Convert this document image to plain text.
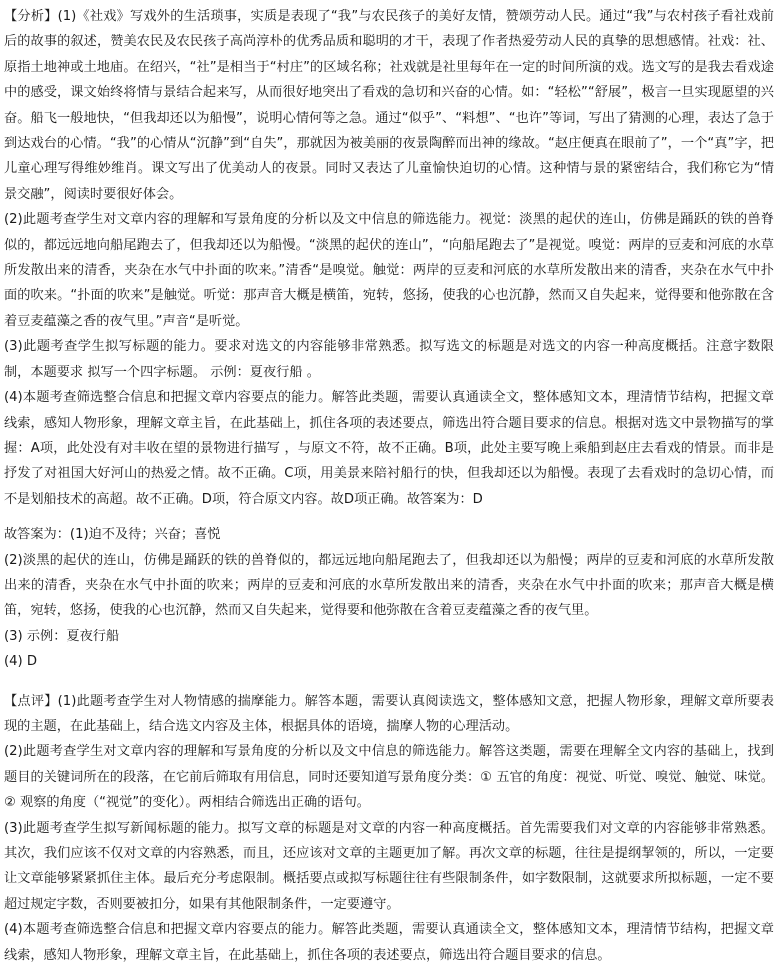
【分析】(1)《社戏》写戏外的生活琐事，实质是表现了“我”与农民孩子的美好友情，赞颂劳动人民。通过“我”与农村孩子看社戏前后的故事的叙述，赞美农民及农民孩子高尚淳朴的优秀品质和聪明的才干，表现了作者热爱劳动人民的真挚的思想感情。社戏：社、原指土地神或土地庙。在绍兴，“社”是相当于“村庄”的区域名称；社戏就是社里每年在一定的时间所演的戏。选文写的是我去看戏途中的感受，课文始终将情与景结合起来写，从而很好地突出了看戏的急切和兴奋的心情。如：“轻松”“舒展”，极言一旦实现愿望的兴奋。船飞一般地快，“但我却还以为船慢”，说明心情何等之急。通过“似乎”、“料想”、“也许”等词，写出了猜测的心理，表达了急于到达戏台的心情。“我”的心情从“沉静”到“自失”，那就因为被美丽的夜景陶醉而出神的缘故。“赵庄便真在眼前了”，一个“真”字，把儿童心理写得维妙维肖。课文写出了优美动人的夜景。同时又表达了儿童愉快迫切的心情。这种情与景的紧密结合，我们称它为“情景交融”，阅读时要很好体会。

(2)此题考查学生对文章内容的理解和写景角度的分析以及文中信息的筛选能力。视觉：淡黑的起伏的连山，仿佛是踊跃的铁的兽脊似的，都远远地向船尾跑去了，但我却还以为船慢。“淡黑的起伏的连山”，“向船尾跑去了”是视觉。嗅觉：两岸的豆麦和河底的水草所发散出来的清香，夹杂在水气中扑面的吹来。”清香“是嗅觉。触觉：两岸的豆麦和河底的水草所发散出来的清香，夹杂在水气中扑面的吹来。“扑面的吹来”是触觉。听觉：那声音大概是横笛，宛转，悠扬，使我的心也沉静，然而又自失起来，觉得要和他弥散在含着豆麦蕴藻之香的夜气里。”声音“是听觉。

(3)此题考查学生拟写标题的能力。要求对选文的内容能够非常熟悉。拟写选文的标题是对选文的内容一种高度概括。注意字数限制，本题要求 拟写一个四字标题。 示例：夏夜行船 。

(4)本题考查筛选整合信息和把握文章内容要点的能力。解答此类题，需要认真通读全文，整体感知文本，理清情节结构，把握文章线索，感知人物形象，理解文章主旨，在此基础上，抓住各项的表述要点，筛选出符合题目要求的信息。根据对选文中景物描写的掌握：A项，此处没有对丰收在望的景物进行描写 ，与原文不符，故不正确。B项，此处主要写晚上乘船到赵庄去看戏的情景。而非是抒发了对祖国大好河山的热爱之情。故不正确。C项，用美景来陪衬船行的快，但我却还以为船慢。表现了去看戏时的急切心情，而不是划船技术的高超。故不正确。D项，符合原文内容。故D项正确。故答案为：D

故答案为：(1)迫不及待；兴奋；喜悦

(2)淡黑的起伏的连山，仿佛是踊跃的铁的兽脊似的，都远远地向船尾跑去了，但我却还以为船慢；两岸的豆麦和河底的水草所发散出来的清香，夹杂在水气中扑面的吹来；两岸的豆麦和河底的水草所发散出来的清香，夹杂在水气中扑面的吹来；那声音大概是横笛，宛转，悠扬，使我的心也沉静，然而又自失起来，觉得要和他弥散在含着豆麦蕴藻之香的夜气里。

(3) 示例：夏夜行船

(4) D

【点评】(1)此题考查学生对人物情感的揣摩能力。解答本题，需要认真阅读选文，整体感知文意，把握人物形象，理解文章所要表现的主题，在此基础上，结合选文内容及主体，根据具体的语境，揣摩人物的心理活动。

(2)此题考查学生对文章内容的理解和写景角度的分析以及文中信息的筛选能力。解答这类题，需要在理解全文内容的基础上，找到题目的关键词所在的段落，在它前后筛取有用信息，同时还要知道写景角度分类：① 五官的角度：视觉、听觉、嗅觉、触觉、味觉。② 观察的角度（“视觉”的变化）。两相结合筛选出正确的语句。

(3)此题考查学生拟写新闻标题的能力。拟写文章的标题是对文章的内容一种高度概括。首先需要我们对文章的内容能够非常熟悉。其次，我们应该不仅对文章的内容熟悉，而且，还应该对文章的主题更加了解。再次文章的标题，往往是提纲挈领的，所以，一定要让文章能够紧紧抓住主体。最后充分考虑限制。概括要点或拟写标题往往有些限制条件，如字数限制，这就要求所拟标题，一定不要超过规定字数，否则要被扣分，如果有其他限制条件，一定要遵守。

(4)本题考查筛选整合信息和把握文章内容要点的能力。解答此类题，需要认真通读全文，整体感知文本，理清情节结构，把握文章线索，感知人物形象，理解文章主旨，在此基础上，抓住各项的表述要点，筛选出符合题目要求的信息。
